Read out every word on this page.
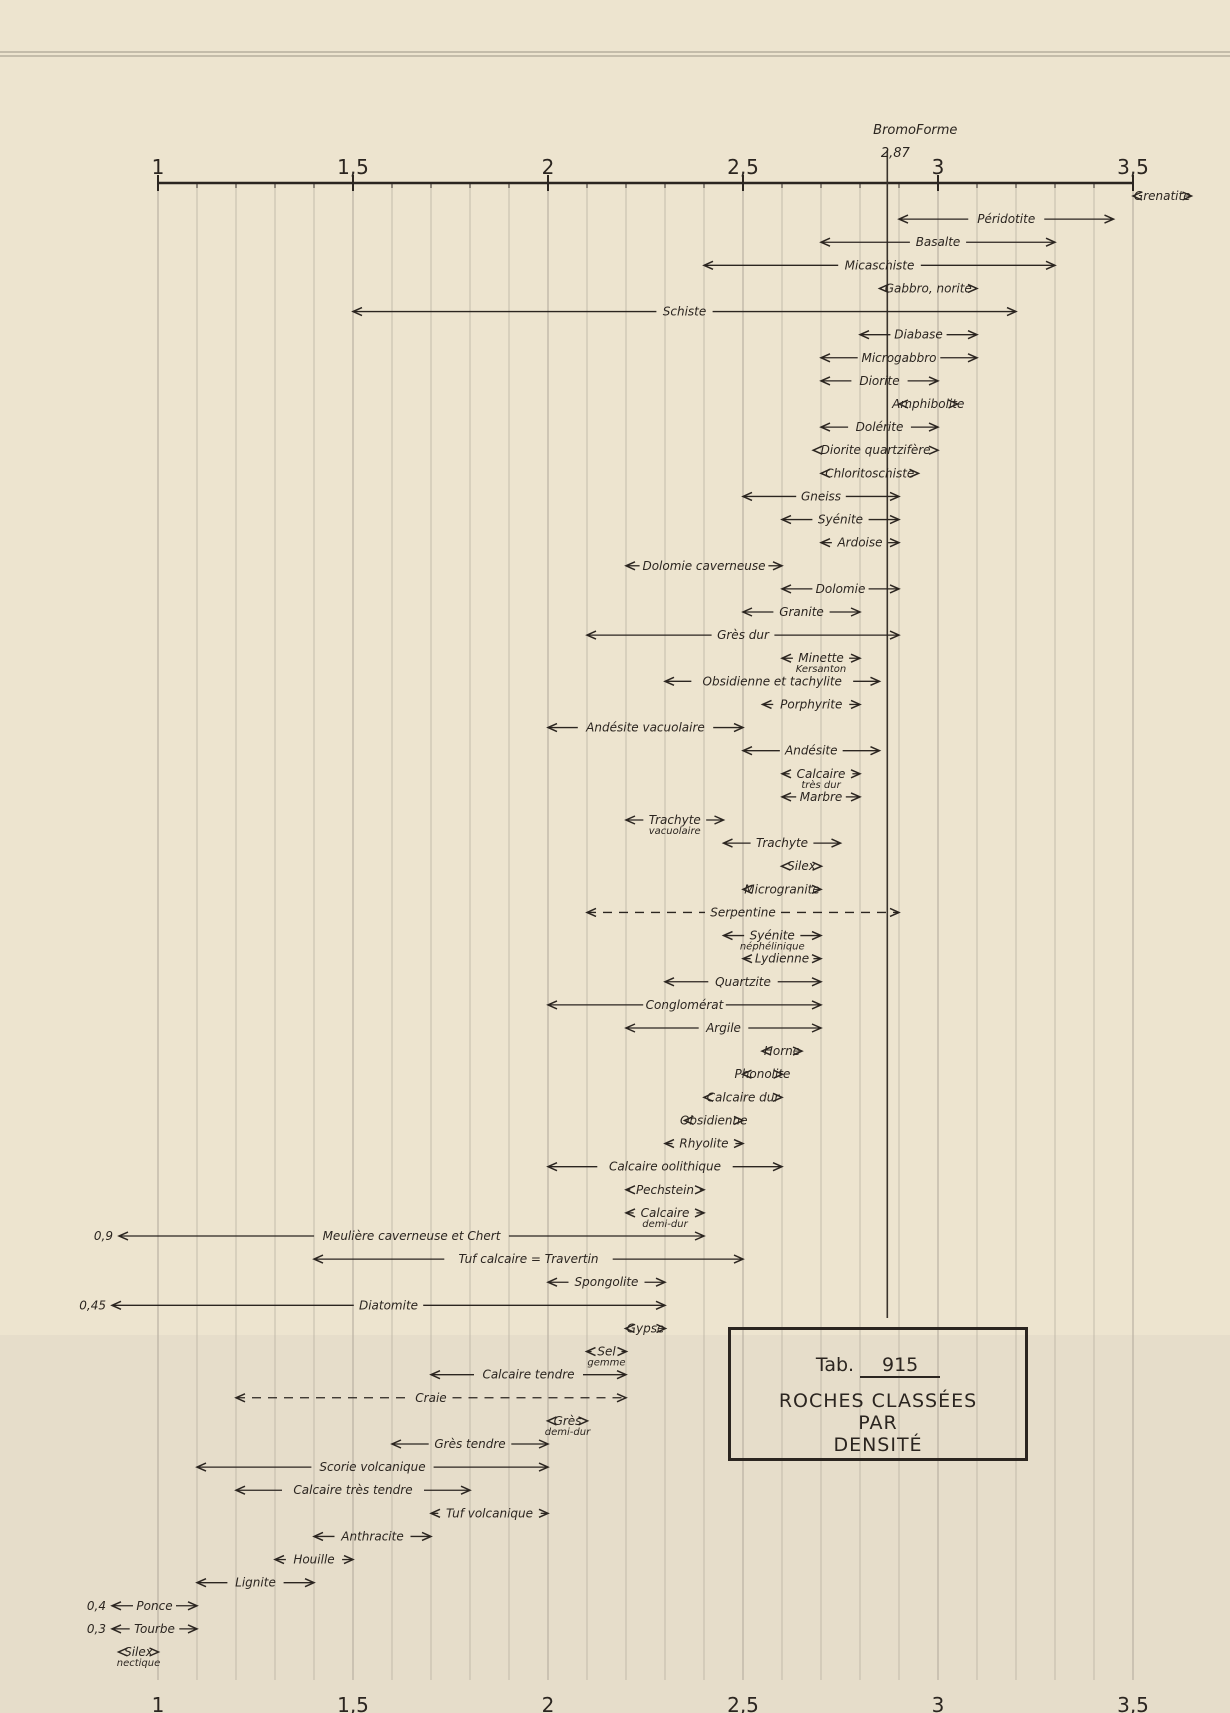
1	1,5	2	2,5	3	3,5
1	1,5	2	2,5	3	3,5
BromoForme
2,87
Grenatite
Péridotite
Basalte
Micaschiste
Gabbro, norite
Schiste
Diabase
Microgabbro
Diorite
Amphibolite
Dolérite
Diorite quartzifère
Chloritoschiste
Gneiss
Syénite
Ardoise
Dolomie caverneuse
Dolomie
Granite
Grès dur
Minette
Kersanton
Obsidienne et tachylite
Porphyrite
Andésite vacuolaire
Andésite
Calcaire
très dur
Marbre
Trachyte
vacuolaire
Trachyte
Silex
Microgranite
Serpentine
Syénite
néphélinique
Lydienne
Quartzite
Conglomérat
Argile
Horne
Phonolite
Calcaire dur
Obsidienne
Rhyolite
Calcaire oolithique
Pechstein
Calcaire
demi-dur
Meulière caverneuse et Chert
0,9
Tuf calcaire = Travertin
Spongolite
Diatomite
0,45
Gypse
Sel
gemme
Calcaire tendre
Craie
Grès
demi-dur
Grès tendre
Scorie volcanique
Calcaire très tendre
Tuf volcanique
Anthracite
Houille
Lignite
Ponce
0,4
Tourbe
0,3
Silex
nectique
Tab. 915
ROCHES CLASSÉES
PAR
DENSITÉ
